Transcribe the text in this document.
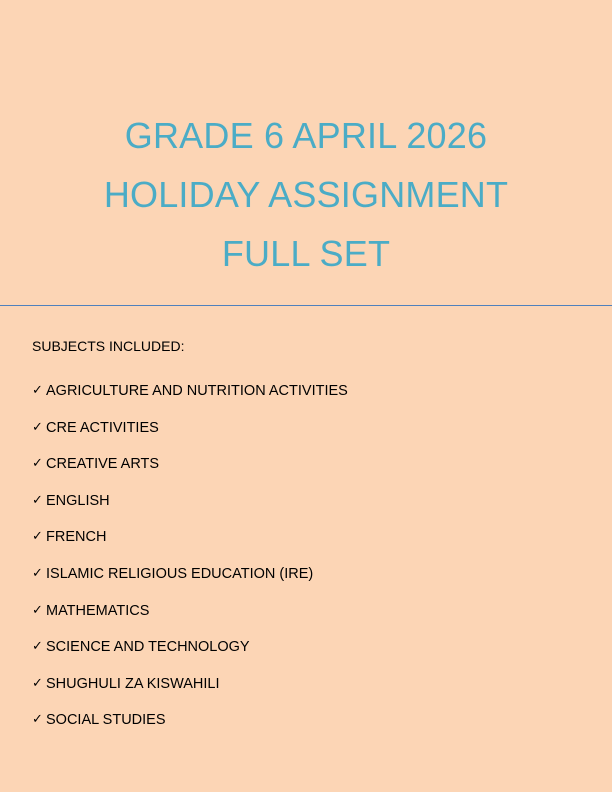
GRADE 6 APRIL 2026
HOLIDAY ASSIGNMENT
FULL SET
SUBJECTS INCLUDED:
✓ AGRICULTURE AND NUTRITION ACTIVITIES
✓ CRE ACTIVITIES
✓ CREATIVE ARTS
✓ ENGLISH
✓ FRENCH
✓ ISLAMIC RELIGIOUS EDUCATION (IRE)
✓ MATHEMATICS
✓ SCIENCE AND TECHNOLOGY
✓ SHUGHULI ZA KISWAHILI
✓ SOCIAL STUDIES
